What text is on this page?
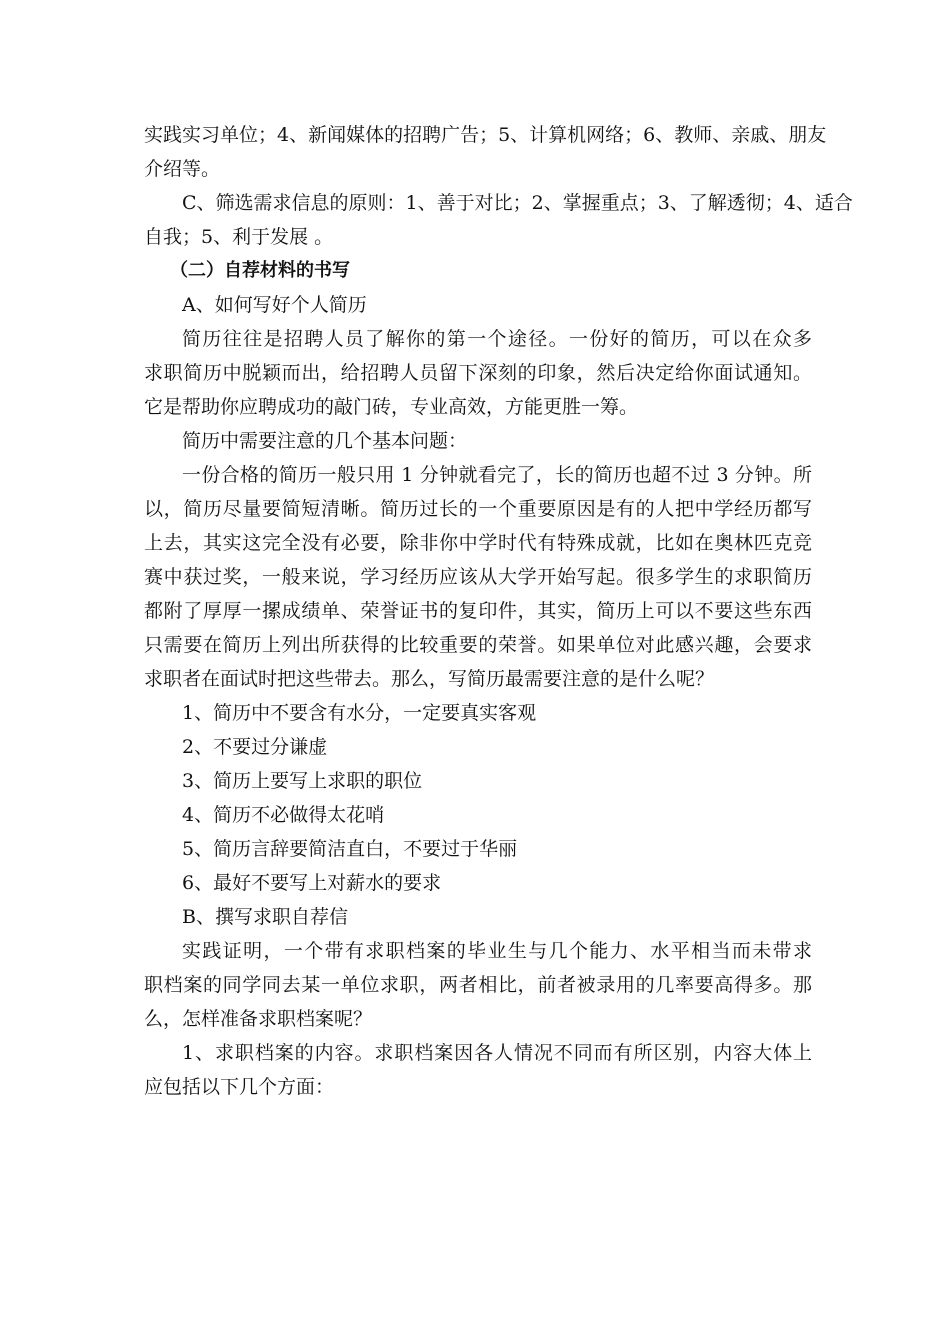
实践实习单位；4、新闻媒体的招聘广告；5、计算机网络；6、教师、亲戚、朋友
介绍等。
C、筛选需求信息的原则：1、善于对比；2、掌握重点；3、了解透彻；4、适合
自我；5、利于发展 。
（二）自荐材料的书写
A、如何写好个人简历
简历往往是招聘人员了解你的第一个途径。一份好的简历，可以在众多
求职简历中脱颖而出，给招聘人员留下深刻的印象，然后决定给你面试通知。
它是帮助你应聘成功的敲门砖，专业高效，方能更胜一筹。
简历中需要注意的几个基本问题：
一份合格的简历一般只用 1 分钟就看完了，长的简历也超不过 3 分钟。所
以，简历尽量要简短清晰。简历过长的一个重要原因是有的人把中学经历都写
上去，其实这完全没有必要，除非你中学时代有特殊成就，比如在奥林匹克竞
赛中获过奖，一般来说，学习经历应该从大学开始写起。很多学生的求职简历
都附了厚厚一摞成绩单、荣誉证书的复印件，其实，简历上可以不要这些东西
只需要在简历上列出所获得的比较重要的荣誉。如果单位对此感兴趣，会要求
求职者在面试时把这些带去。那么，写简历最需要注意的是什么呢？
1、简历中不要含有水分，一定要真实客观
2、不要过分谦虚
3、简历上要写上求职的职位
4、简历不必做得太花哨
5、简历言辞要简洁直白，不要过于华丽
6、最好不要写上对薪水的要求
B、撰写求职自荐信
实践证明，一个带有求职档案的毕业生与几个能力、水平相当而未带求
职档案的同学同去某一单位求职，两者相比，前者被录用的几率要高得多。那
么，怎样准备求职档案呢？
1、求职档案的内容。求职档案因各人情况不同而有所区别，内容大体上
应包括以下几个方面：
